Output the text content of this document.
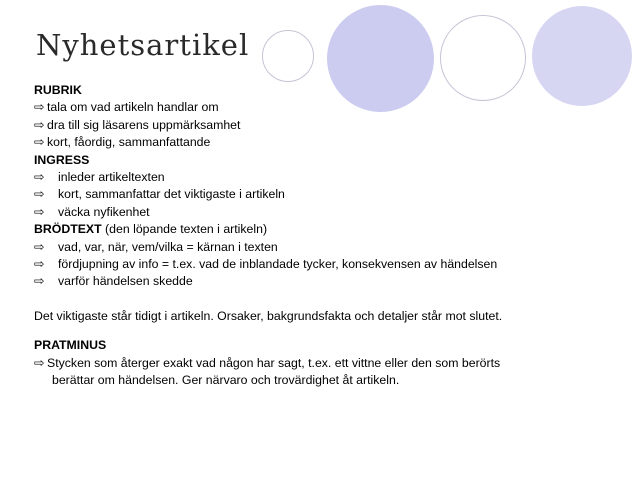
Nyhetsartikel
RUBRIK
⇨ tala om vad artikeln handlar om
⇨ dra till sig läsarens uppmärksamhet
⇨ kort, fåordig, sammanfattande
INGRESS
⇨ inleder artikeltexten
⇨ kort, sammanfattar det viktigaste i artikeln
⇨ väcka nyfikenhet
BRÖDTEXT (den löpande texten i artikeln)
⇨ vad, var, när, vem/vilka = kärnan i texten
⇨ fördjupning av info = t.ex. vad de inblandade tycker, konsekvensen av händelsen
⇨ varför händelsen skedde
Det viktigaste står tidigt i artikeln. Orsaker, bakgrundsfakta och detaljer står mot slutet.
PRATMINUS
⇨ Stycken som återger exakt vad någon har sagt, t.ex. ett vittne eller den som berörts
berättar om händelsen. Ger närvaro och trovärdighet åt artikeln.
